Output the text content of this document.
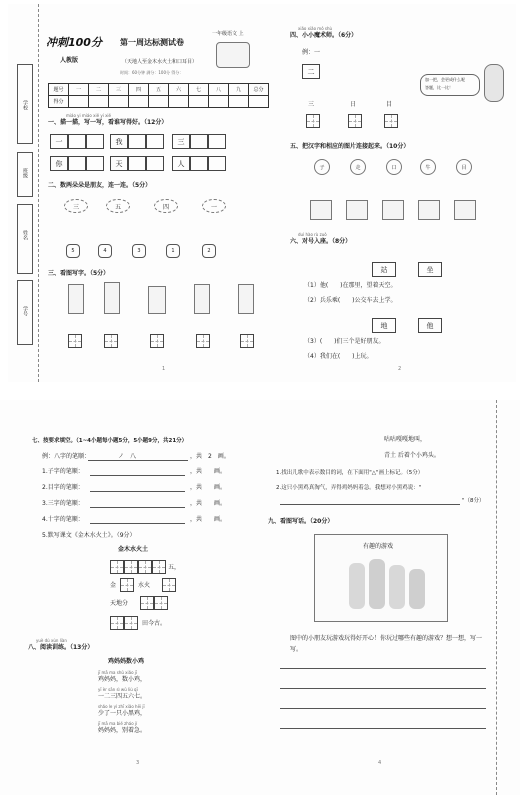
学校
班级
姓名
学号
冲刺100分 第一周达标测试卷
一年级语文 上
人教版	（天地人至金木水火土和口耳目）
时间：60分钟 满分：100分 得分：
题号	一	二	三	四	五	六	七	八	九	总分
得分
miáo yi miáo xiě yi xiě
一、描一描，写一写，看谁写得好。（12分）
一	我	三
你	天	人
二、数两朵朵是朋友，连一连。（5分）
三	五	四	一
5	4	3	1	2
三、看图写字。（5分）
1
加一把，会更成什么呢
答题，比一比！
xiǎo xiǎo mó shù
四、小小魔术师。（6分）
例：一
二
三	日	目
五、把汉字和相应的图片连接起来。（10分）
子	走	口	牛	目
duì hào rù zuò
六、对号入座。（8分）
站	坐
（1）他(　　)在那里，望着天空。
（2）兵乐乘(　　)公交车去上学。
地	他
（3）(　　)们三个是好朋友。
（4）我们在(　　)上玩。
2
七、按要求填空。（1~4小题每小题5分，5小题9分，共21分）
例：八字的笔顺：	ノ　八	，共　2　画。
1.子字的笔顺：	，共　　画。
2.目字的笔顺：	，共　　画。
3.三字的笔顺：	，共　　画。
4.十字的笔顺：	，共　　画。
5.默写课文《金木水火土》。（9分）
金木水火土
五，
金	水火
天地分
田今古。
yuè dú xùn liàn
八、阅读训练。（13分）
鸡妈妈数小鸡
jī mā ma shǔ xiǎo jī
鸡妈妈，数小鸡，
yī èr sān sì wǔ liù qī
一二三四五六七。
shǎo le yì zhī xiǎo hēi jī
少了一只小黑鸡，
jī mā ma bié zháo jí
妈妈妈，别着急。
3
咕咕嘎嘎地叫，
青土 后着个小鸡头。
1.找出儿歌中表示数目的词，在下面用"△"画上标记。（5分）
2.这只小黑鸡真淘气，弄得鸡妈妈着急。我想对小黑鸡说："
"（8分）
九、看图写话。（20分）
有趣的游戏
图中的小朋友玩游戏玩得好开心！你玩过哪些有趣的游戏？想一想，写一写。
4
